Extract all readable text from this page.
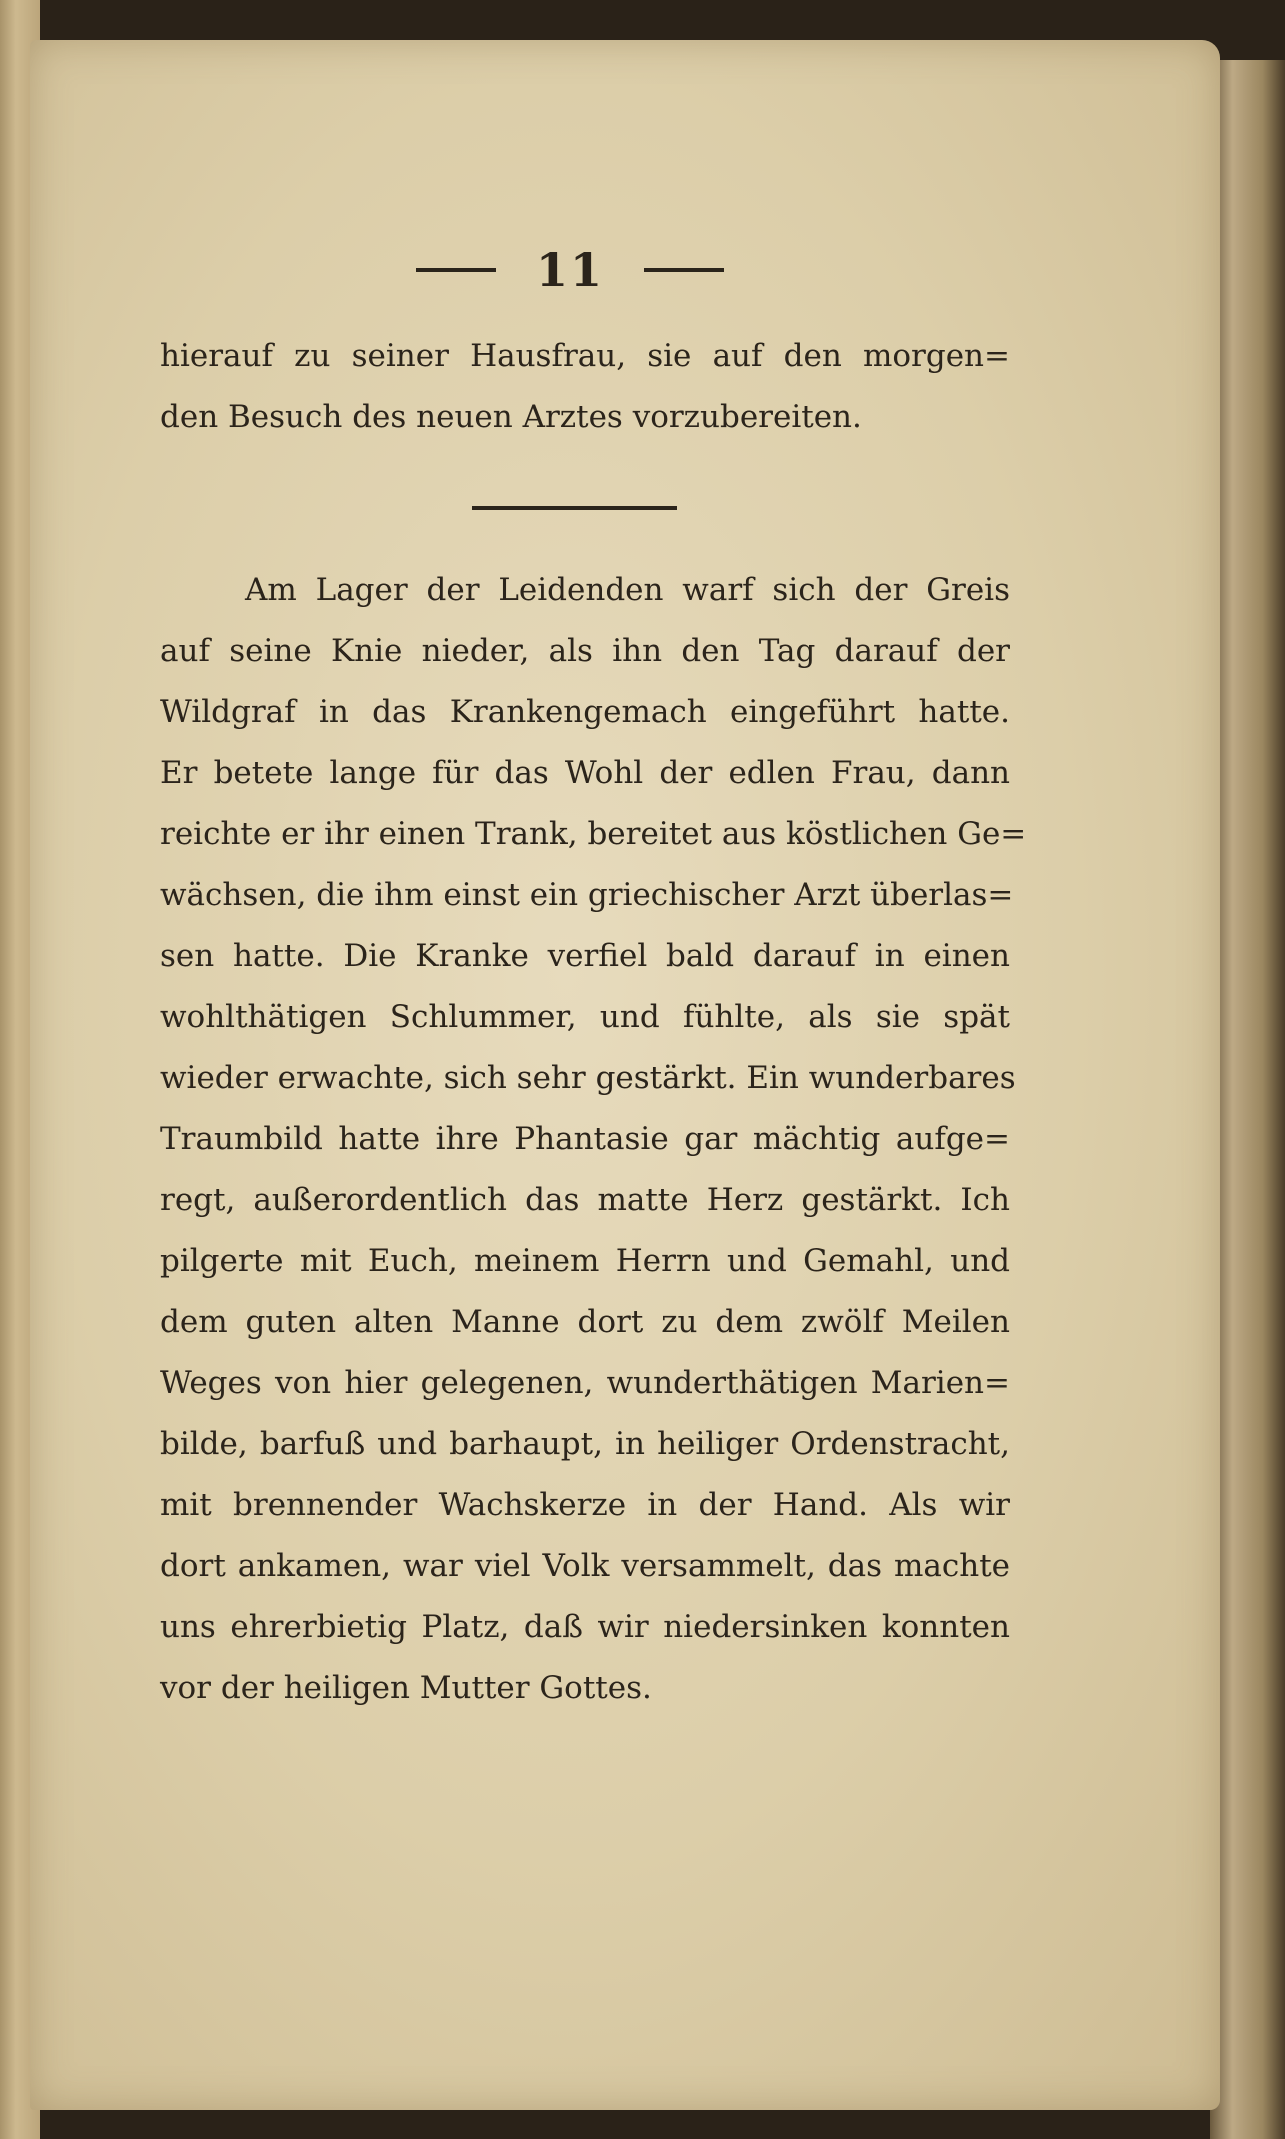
11
hierauf zu seiner Hausfrau, sie auf den morgen=
den Besuch des neuen Arztes vorzubereiten.
Am Lager der Leidenden warf sich der Greis
auf seine Knie nieder, als ihn den Tag darauf der
Wildgraf in das Krankengemach eingeführt hatte.
Er betete lange für das Wohl der edlen Frau, dann
reichte er ihr einen Trank, bereitet aus köstlichen Ge=
wächsen, die ihm einst ein griechischer Arzt überlas=
sen hatte. Die Kranke verfiel bald darauf in einen
wohlthätigen Schlummer, und fühlte, als sie spät
wieder erwachte, sich sehr gestärkt. Ein wunderbares
Traumbild hatte ihre Phantasie gar mächtig aufge=
regt, außerordentlich das matte Herz gestärkt. Ich
pilgerte mit Euch, meinem Herrn und Gemahl, und
dem guten alten Manne dort zu dem zwölf Meilen
Weges von hier gelegenen, wunderthätigen Marien=
bilde, barfuß und barhaupt, in heiliger Ordenstracht,
mit brennender Wachskerze in der Hand. Als wir
dort ankamen, war viel Volk versammelt, das machte
uns ehrerbietig Platz, daß wir niedersinken konnten
vor der heiligen Mutter Gottes.
